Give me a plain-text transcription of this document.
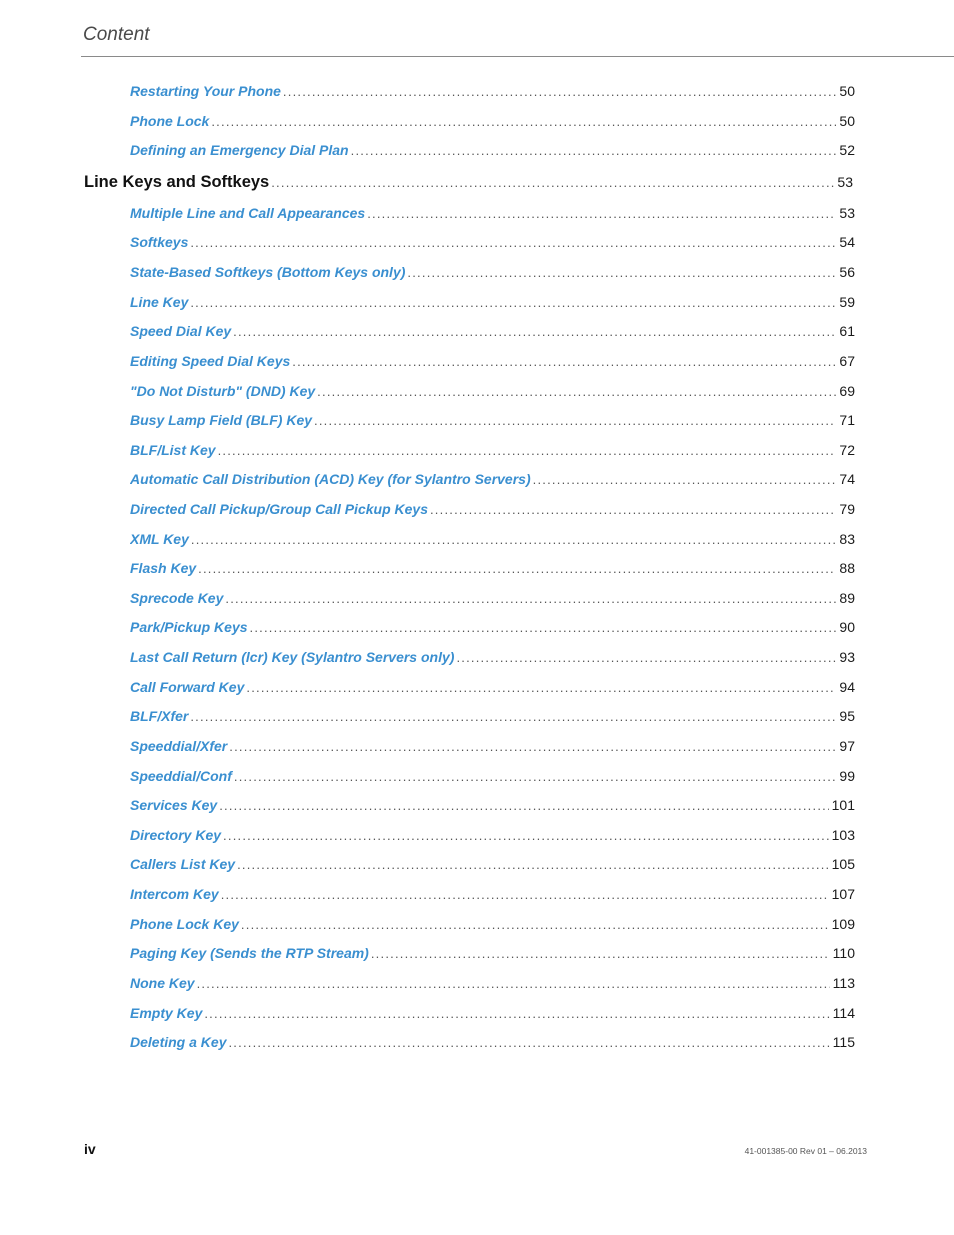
Content
Restarting Your Phone . . .	50
Phone Lock . . .	50
Defining an Emergency Dial Plan . . .	52
Line Keys and Softkeys . . .	53
Multiple Line and Call Appearances . . .	53
Softkeys . . .	54
State-Based Softkeys (Bottom Keys only) . . .	56
Line Key . . .	59
Speed Dial Key . . .	61
Editing Speed Dial Keys . . .	67
"Do Not Disturb" (DND) Key . . .	69
Busy Lamp Field (BLF) Key . . .	71
BLF/List Key . . .	72
Automatic Call Distribution (ACD) Key (for Sylantro Servers) . . .	74
Directed Call Pickup/Group Call Pickup Keys . . .	79
XML Key . . .	83
Flash Key . . .	88
Sprecode Key . . .	89
Park/Pickup Keys . . .	90
Last Call Return (lcr) Key (Sylantro Servers only) . . .	93
Call Forward Key . . .	94
BLF/Xfer . . .	95
Speeddial/Xfer . . .	97
Speeddial/Conf . . .	99
Services Key . . .	101
Directory Key . . .	103
Callers List Key . . .	105
Intercom Key . . .	107
Phone Lock Key . . .	109
Paging Key (Sends the RTP Stream) . . .	110
None Key . . .	113
Empty Key . . .	114
Deleting a Key . . .	115
iv	41-001385-00 Rev 01 – 06.2013
